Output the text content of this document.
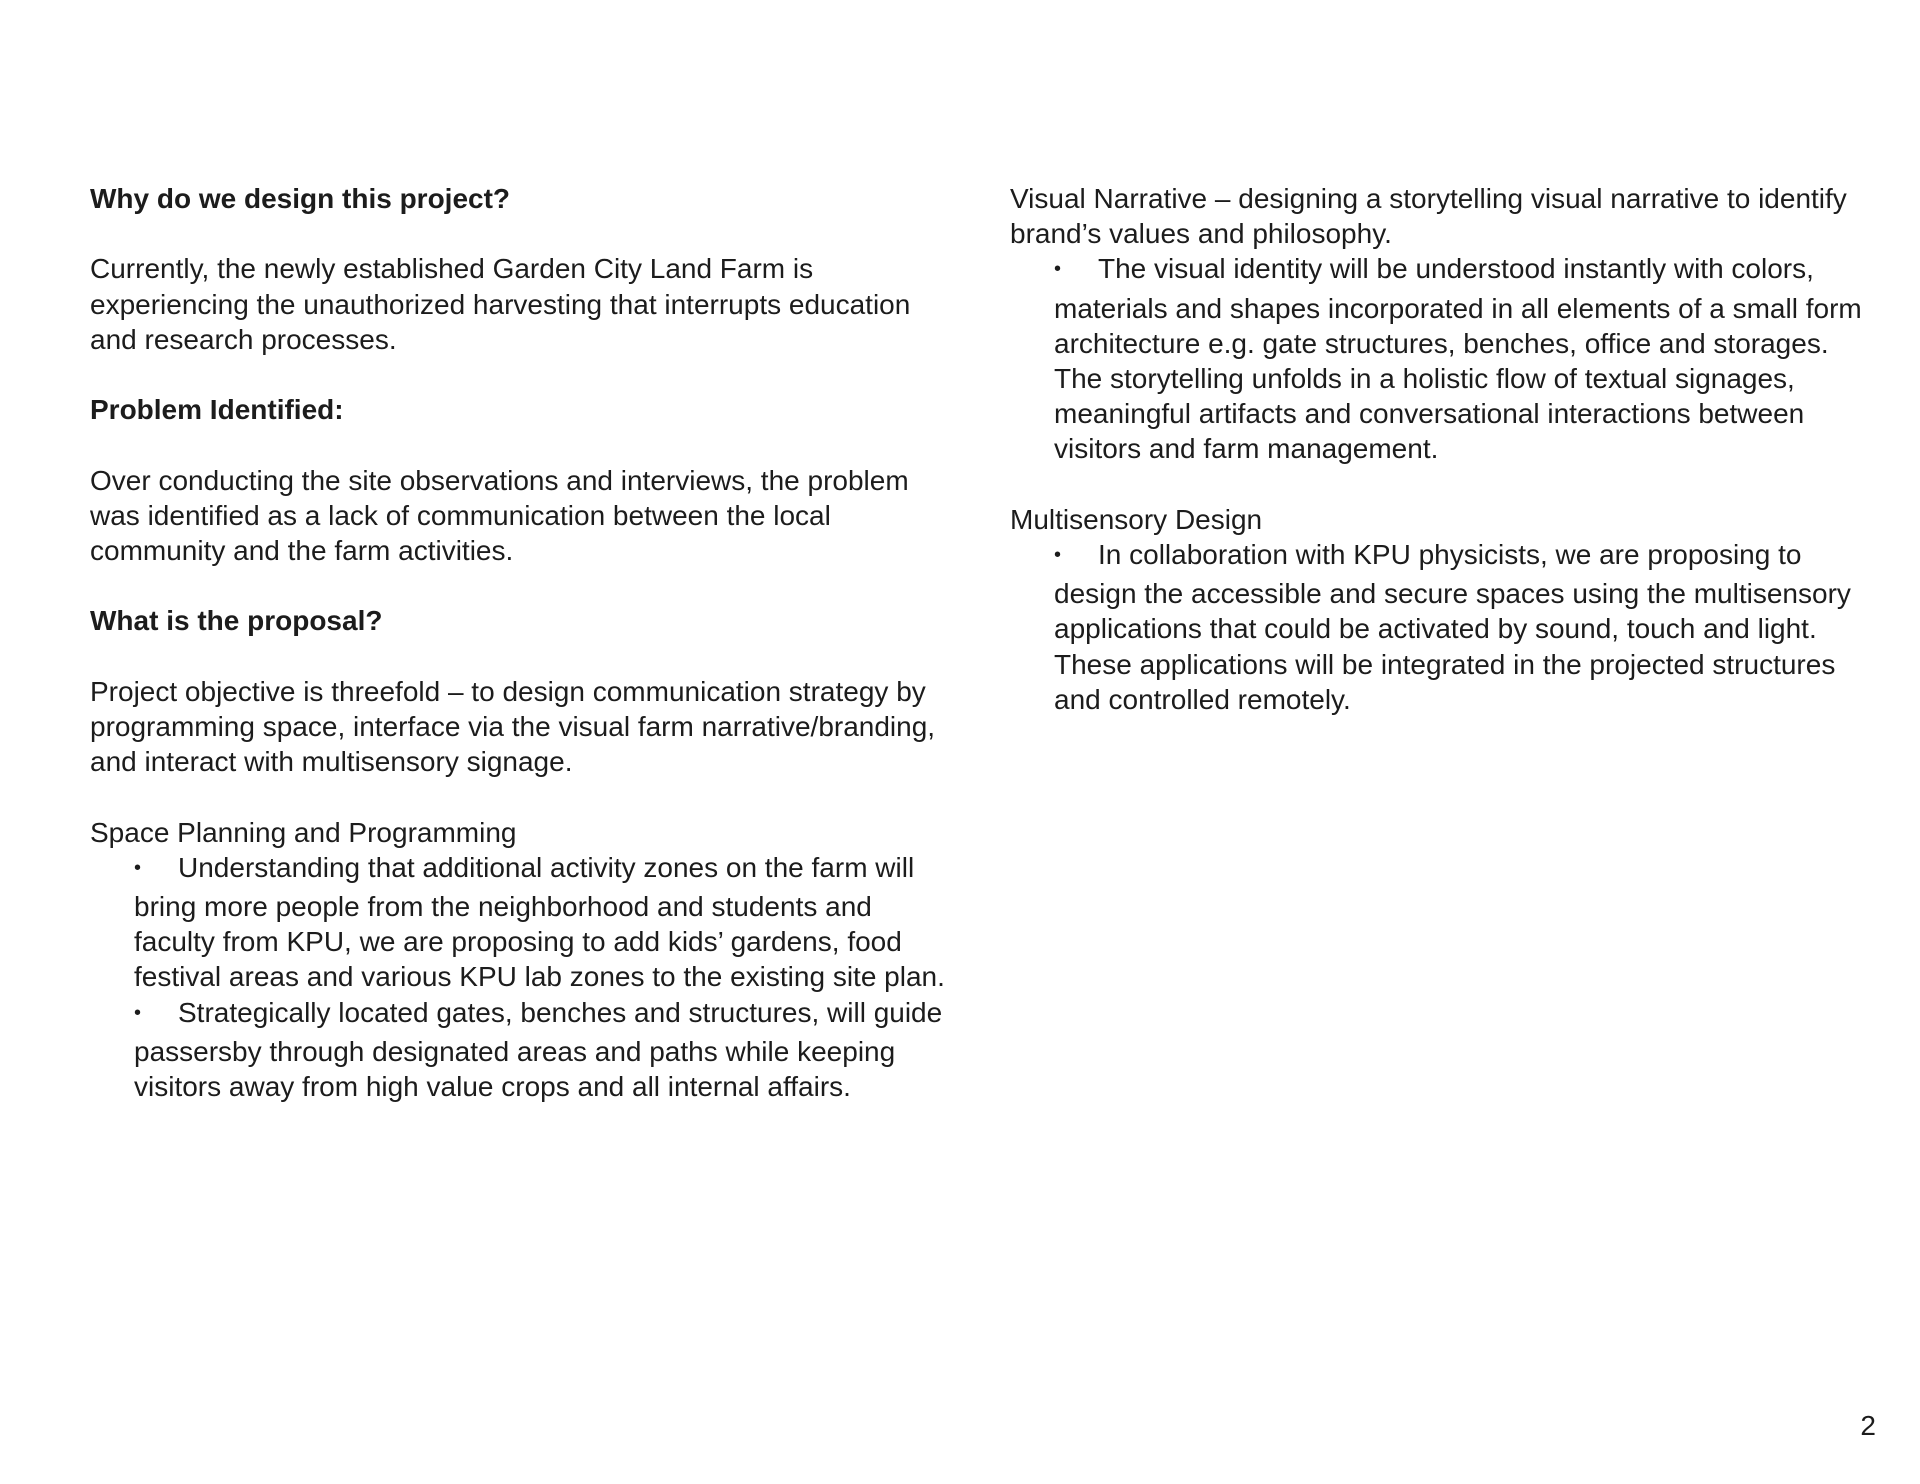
Why do we design this project?

Currently, the newly established Garden City Land Farm is experiencing the unauthorized harvesting that interrupts education and research processes.

Problem Identified:

Over conducting the site observations and interviews, the problem was identified as a lack of communication between the local community and the farm activities.

What is the proposal?

Project objective is threefold – to design communication strategy by programming space, interface via the visual farm narrative/branding, and interact with multisensory signage.

Space Planning and Programming

•Understanding that additional activity zones on the farm will bring more people from the neighborhood and students and faculty from KPU, we are proposing to add kids’ gardens, food festival areas and various KPU lab zones to the existing site plan.
•Strategically located gates, benches and structures, will guide passersby through designated areas and paths while keeping visitors away from high value crops and all internal affairs.

Visual Narrative – designing a storytelling visual narrative to identify brand’s values and philosophy.

•The visual identity will be understood instantly with colors, materials and shapes incorporated in all elements of a small form architecture e.g. gate structures, benches, office and storages. The storytelling unfolds in a holistic flow of textual signages, meaningful artifacts and conversational interactions between visitors and farm management.

Multisensory Design

•In collaboration with KPU physicists, we are proposing to design the accessible and secure spaces using the multisensory applications that could be activated by sound, touch and light. These applications will be integrated in the projected structures and controlled remotely.
2
